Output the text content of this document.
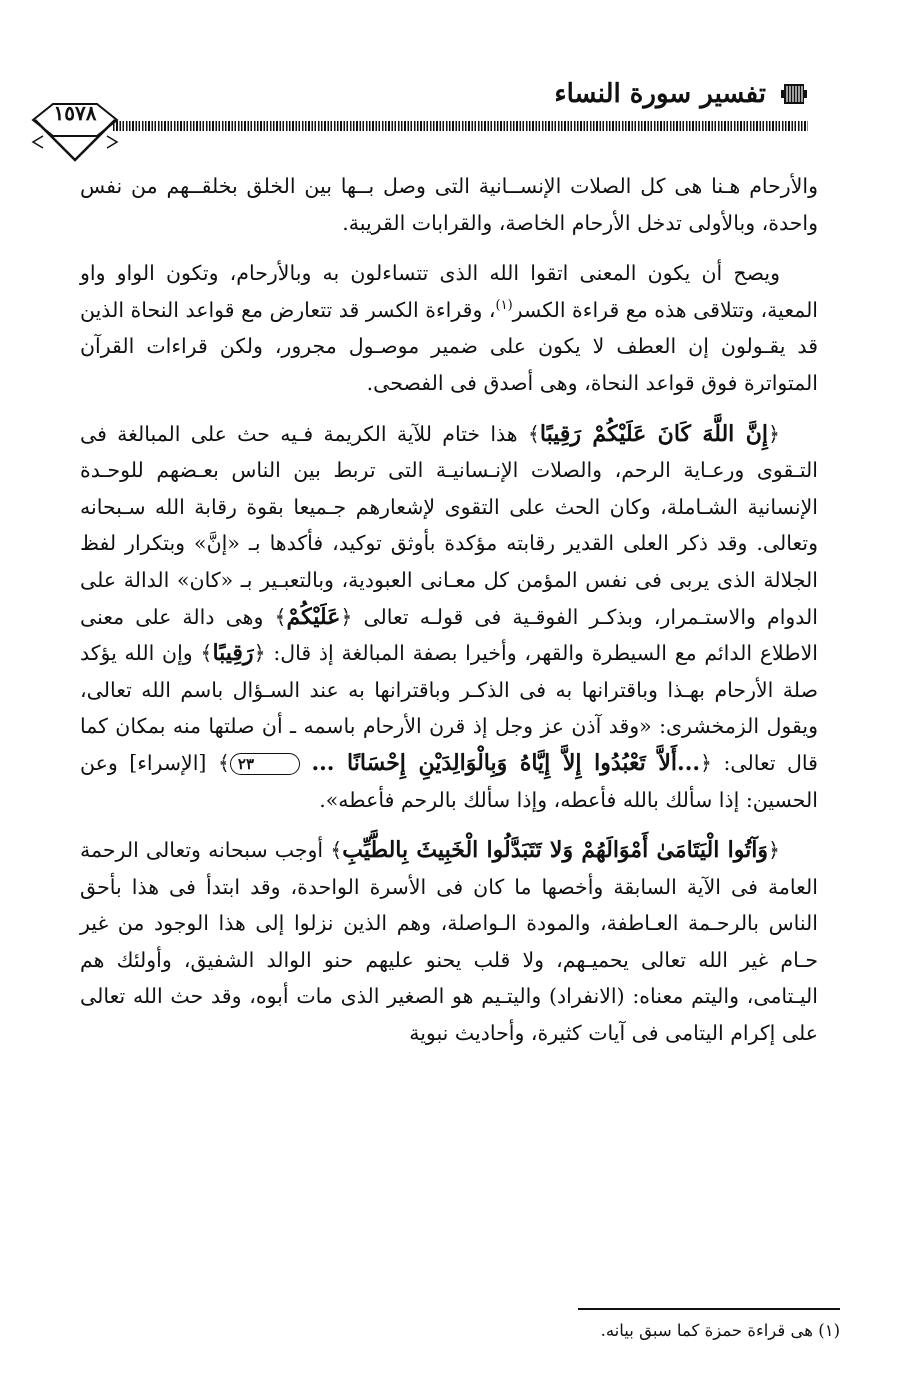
تفسير سورة النساء
١٥٧٨

والأرحام هـنا هى كل الصلات الإنســانية التى وصل بــها بين الخلق بخلقــهم من نفس واحدة، وبالأولى تدخل الأرحام الخاصة، والقرابات القريبة.

ويصح أن يكون المعنى اتقوا الله الذى تتساءلون به وبالأرحام، وتكون الواو واو المعية، وتتلاقى هذه مع قراءة الكسر$^{(١)}$، وقراءة الكسر قد تتعارض مع قواعد النحاة الذين قد يقـولون إن العطف لا يكون على ضمير موصـول مجرور، ولكن قراءات القرآن المتواترة فوق قواعد النحاة، وهى أصدق فى الفصحى.

﴿إِنَّ اللَّهَ كَانَ عَلَيْكُمْ رَقِيبًا﴾ هذا ختام للآية الكريمة فـيه حث على المبالغة فى التـقوى ورعـاية الرحم، والصلات الإنـسانيـة التى تربط بين الناس بعـضهم للوحـدة الإنسانية الشـاملة، وكان الحث على التقوى لإشعارهم جـميعا بقوة رقابة الله سـبحانه وتعالى. وقد ذكر العلى القدير رقابته مؤكدة بأوثق توكيد، فأكدها بـ «إنَّ» وبتكرار لفظ الجلالة الذى يربى فى نفس المؤمن كل معـانى العبودية، وبالتعبـير بـ «كان» الدالة على الدوام والاستـمرار، وبذكـر الفوقـية فى قولـه تعالى ﴿عَلَيْكُمْ﴾ وهى دالة على معنى الاطلاع الدائم مع السيطرة والقهر، وأخيرا بصفة المبالغة إذ قال: ﴿رَقِيبًا﴾ وإن الله يؤكد صلة الأرحام بهـذا وباقترانها به فى الذكـر وباقترانها به عند السـؤال باسم الله تعالى، ويقول الزمخشرى: «وقد آذن عز وجل إذ قرن الأرحام باسمه ـ أن صلتها منه بمكان كما قال تعالى: ﴿...أَلاَّ تَعْبُدُوا إِلاَّ إِيَّاهُ وَبِالْوَالِدَيْنِ إِحْسَانًا ... ٢٣﴾ [الإسراء] وعن الحسين: إذا سألك بالله فأعطه، وإذا سألك بالرحم فأعطه».

﴿وَآتُوا الْيَتَامَىٰ أَمْوَالَهُمْ وَلا تَتَبَدَّلُوا الْخَبِيثَ بِالطَّيِّبِ﴾ أوجب سبحانه وتعالى الرحمة العامة فى الآية السابقة وأخصها ما كان فى الأسرة الواحدة، وقد ابتدأ فى هذا بأحق الناس بالرحـمة العـاطفة، والمودة الـواصلة، وهم الذين نزلوا إلى هذا الوجود من غير حـام غير الله تعالى يحميـهم، ولا قلب يحنو عليهم حنو الوالد الشفيق، وأولئك هم اليـتامى، واليتم معناه: (الانفراد) واليتـيم هو الصغير الذى مات أبوه، وقد حث الله تعالى على إكرام اليتامى فى آيات كثيرة، وأحاديث نبوية

(١) هى قراءة حمزة كما سبق بيانه.
